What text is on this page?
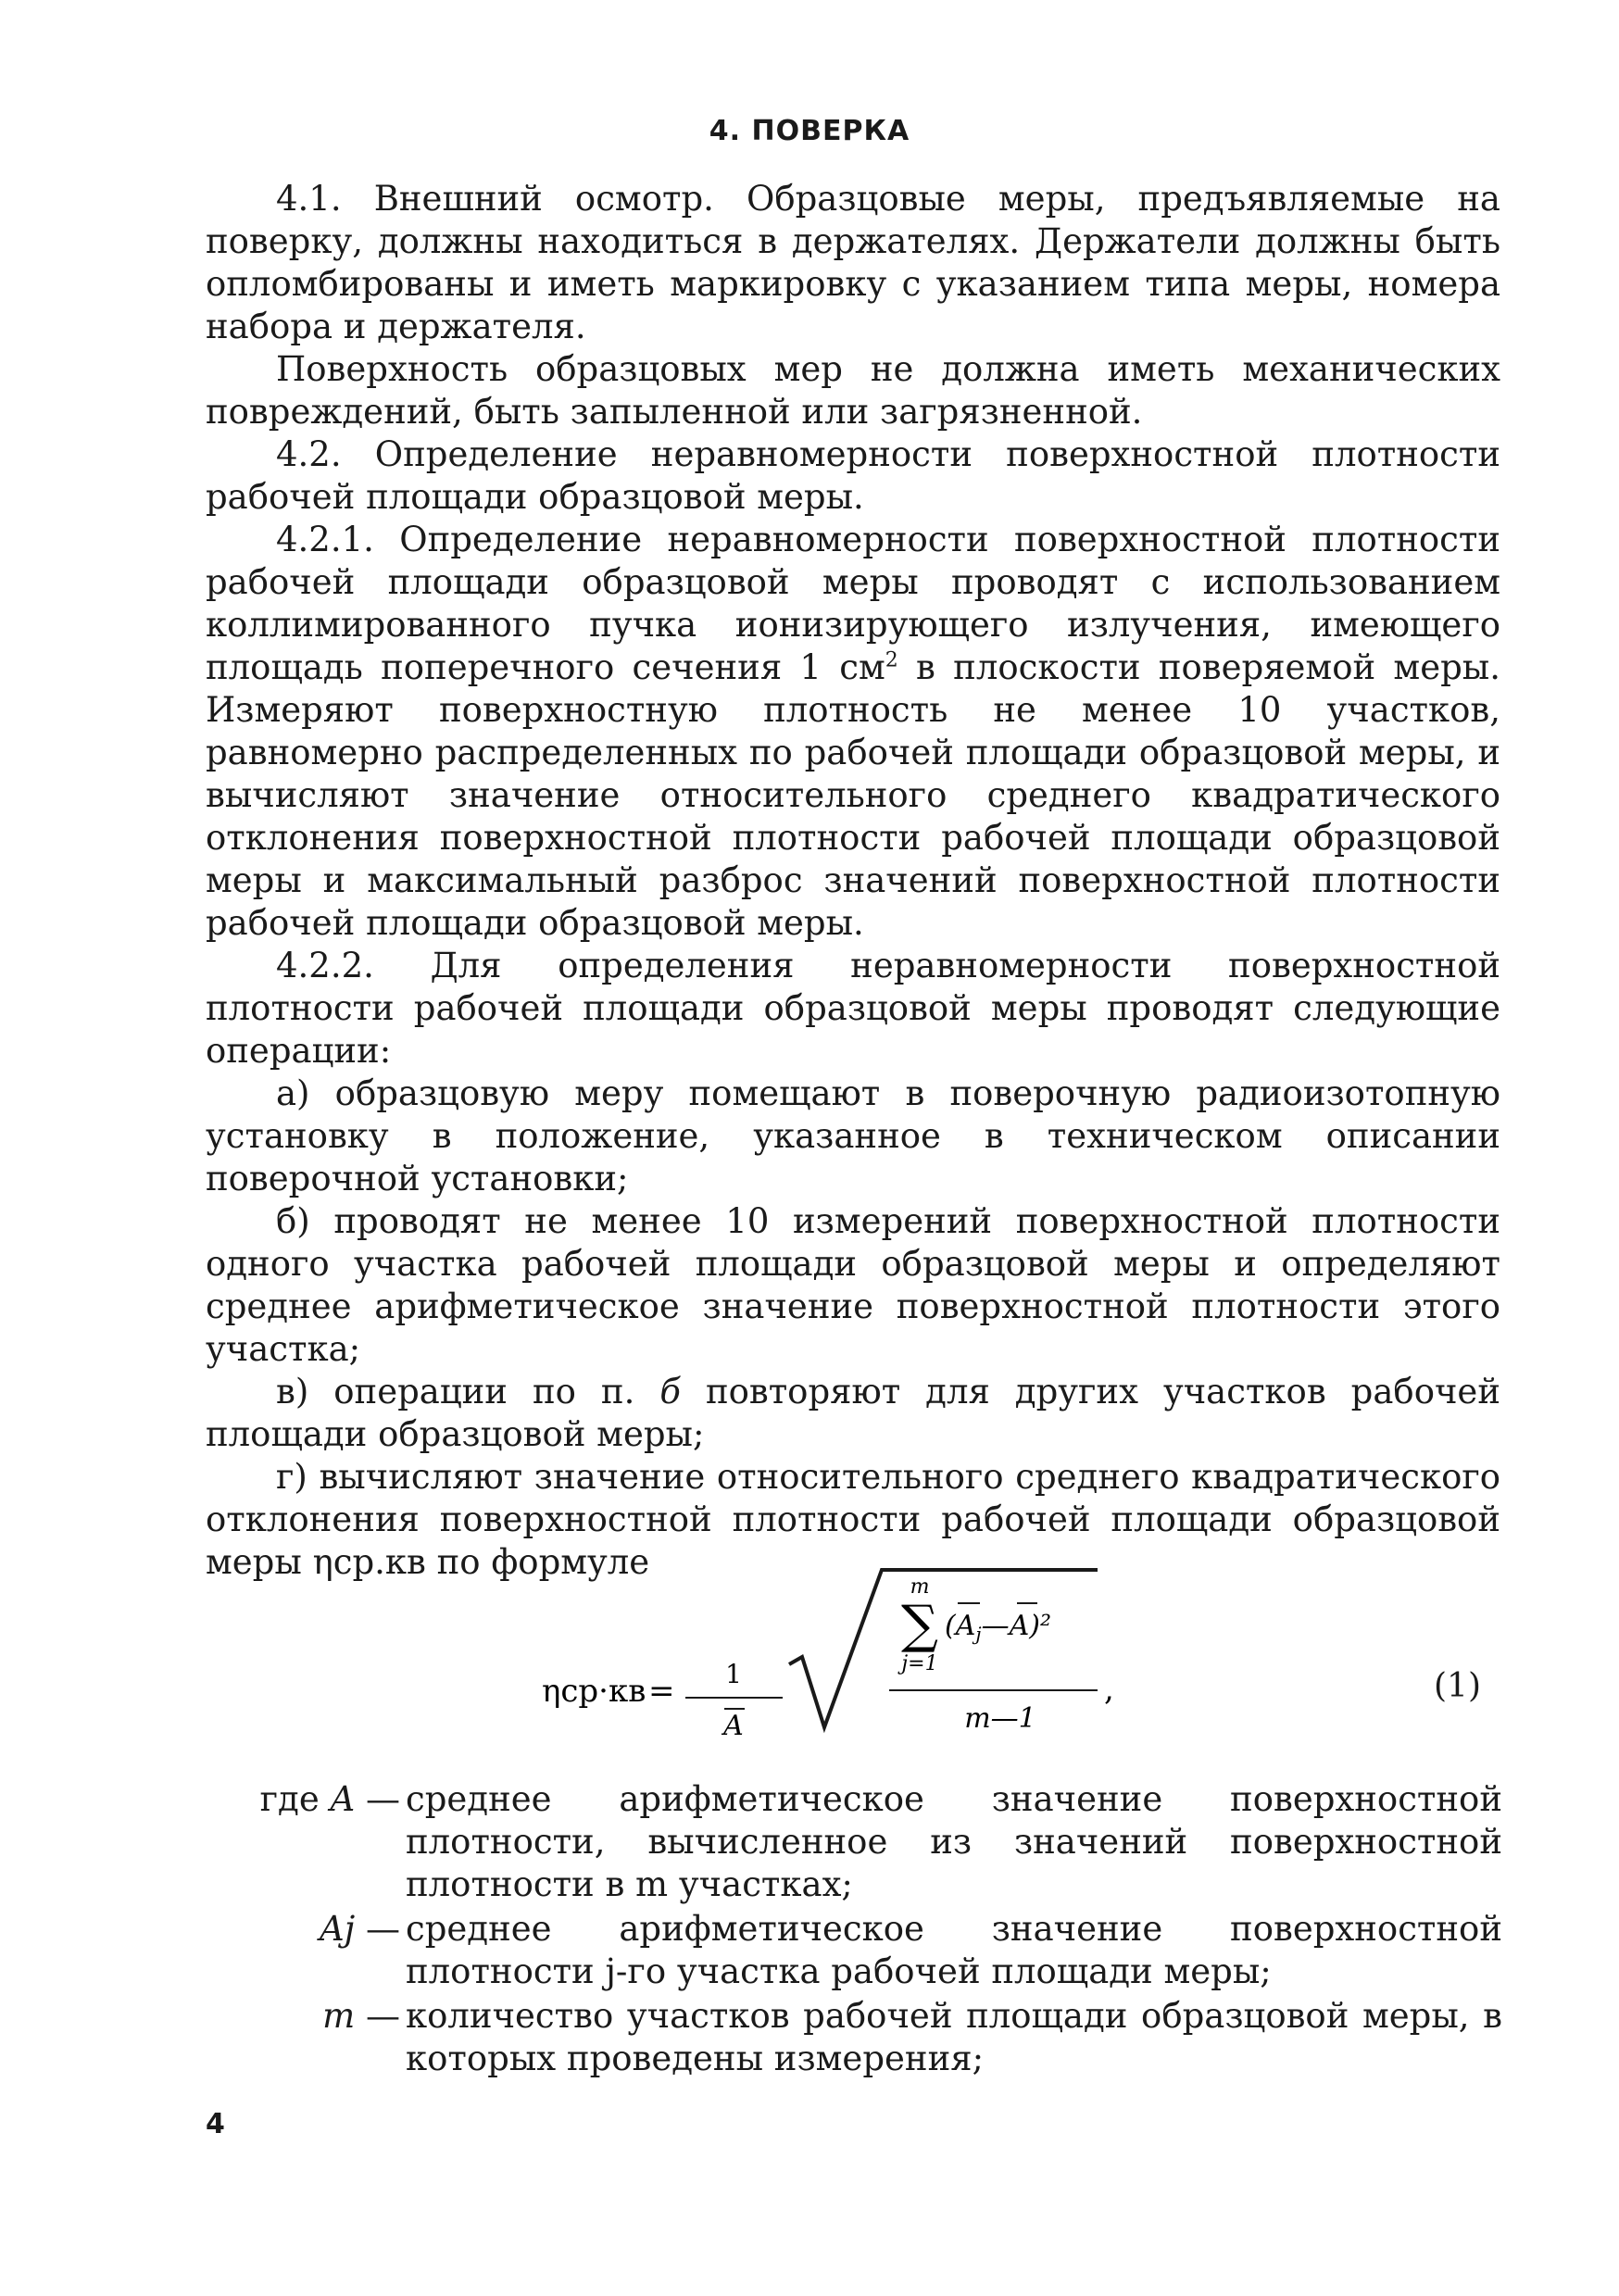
4. ПОВЕРКА

4.1. Внешний осмотр. Образцовые меры, предъявляемые на поверку, должны находиться в держателях. Держатели должны быть опломбированы и иметь маркировку с указанием типа меры, номера набора и держателя.

Поверхность образцовых мер не должна иметь механических повреждений, быть запыленной или загрязненной.

4.2. Определение неравномерности поверхностной плотности рабочей площади образцовой меры.

4.2.1. Определение неравномерности поверхностной плотности рабочей площади образцовой меры проводят с использованием коллимированного пучка ионизирующего излучения, имеющего площадь поперечного сечения 1 $см^2$ в плоскости поверяемой меры. Измеряют поверхностную плотность не менее 10 участков, равномерно распределенных по рабочей площади образцовой меры, и вычисляют значение относительного среднего квадратического отклонения поверхностной плотности рабочей площади образцовой меры и максимальный разброс значений поверхностной плотности рабочей площади образцовой меры.

4.2.2. Для определения неравномерности поверхностной плотности рабочей площади образцовой меры проводят следующие операции:

а) образцовую меру помещают в поверочную радиоизотопную установку в положение, указанное в техническом описании поверочной установки;

б) проводят не менее 10 измерений поверхностной плотности одного участка рабочей площади образцовой меры и определяют среднее арифметическое значение поверхностной плотности этого участка;

в) операции по п. б повторяют для других участков рабочей площади образцовой меры;

г) вычисляют значение относительного среднего квадратического отклонения поверхностной плотности рабочей площади образцовой меры ηср.кв по формуле

ηср·кв = 1
A
m
∑
j=1
$(A_j—A)^2$
m—1
,	(1)
где A — среднее арифметическое значение поверхностной плотности, вычисленное из значений поверхностной плотности в m участках;
Aj — среднее арифметическое значение поверхностной плотности j-го участка рабочей площади меры;
m — количество участков рабочей площади образцовой меры, в которых проведены измерения;
4
